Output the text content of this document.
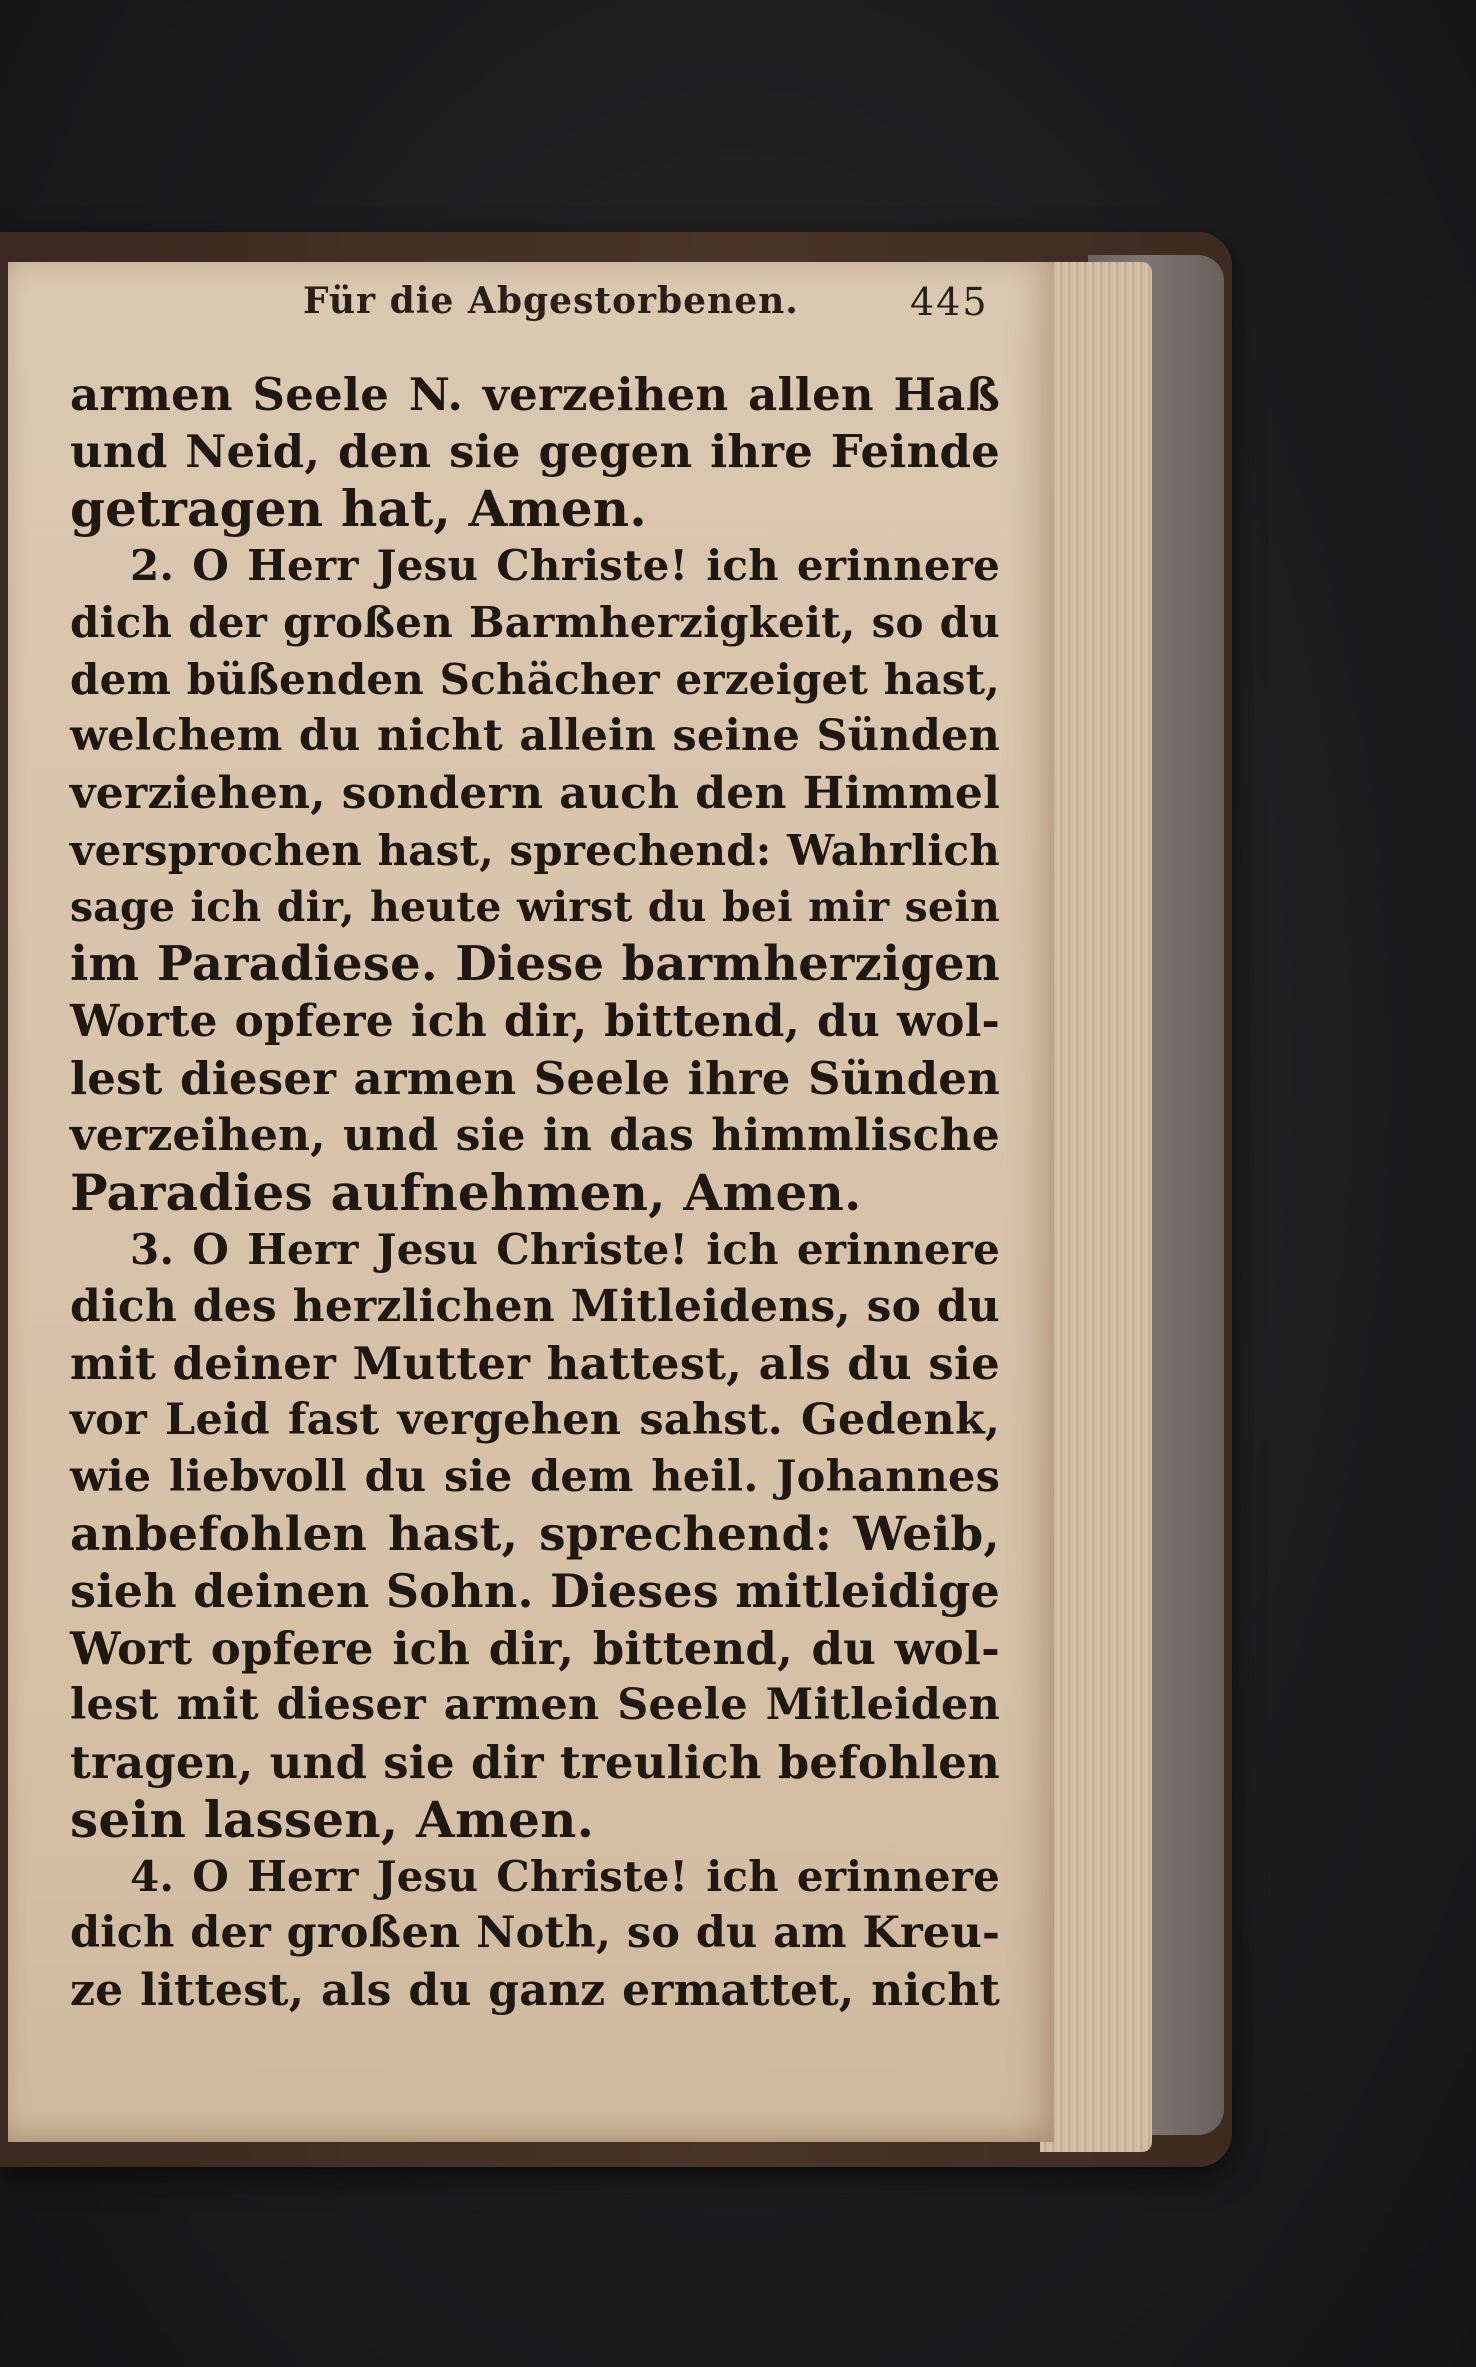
Für die Abgestorbenen.	445
armen Seele N. verzeihen allen Haß
und Neid, den sie gegen ihre Feinde
getragen hat, Amen.
2. O Herr Jesu Christe! ich erinnere
dich der großen Barmherzigkeit, so du
dem büßenden Schächer erzeiget hast,
welchem du nicht allein seine Sünden
verziehen, sondern auch den Himmel
versprochen hast, sprechend: Wahrlich
sage ich dir, heute wirst du bei mir sein
im Paradiese. Diese barmherzigen
Worte opfere ich dir, bittend, du wol-
lest dieser armen Seele ihre Sünden
verzeihen, und sie in das himmlische
Paradies aufnehmen, Amen.
3. O Herr Jesu Christe! ich erinnere
dich des herzlichen Mitleidens, so du
mit deiner Mutter hattest, als du sie
vor Leid fast vergehen sahst. Gedenk,
wie liebvoll du sie dem heil. Johannes
anbefohlen hast, sprechend: Weib,
sieh deinen Sohn. Dieses mitleidige
Wort opfere ich dir, bittend, du wol-
lest mit dieser armen Seele Mitleiden
tragen, und sie dir treulich befohlen
sein lassen, Amen.
4. O Herr Jesu Christe! ich erinnere
dich der großen Noth, so du am Kreu-
ze littest, als du ganz ermattet, nicht
